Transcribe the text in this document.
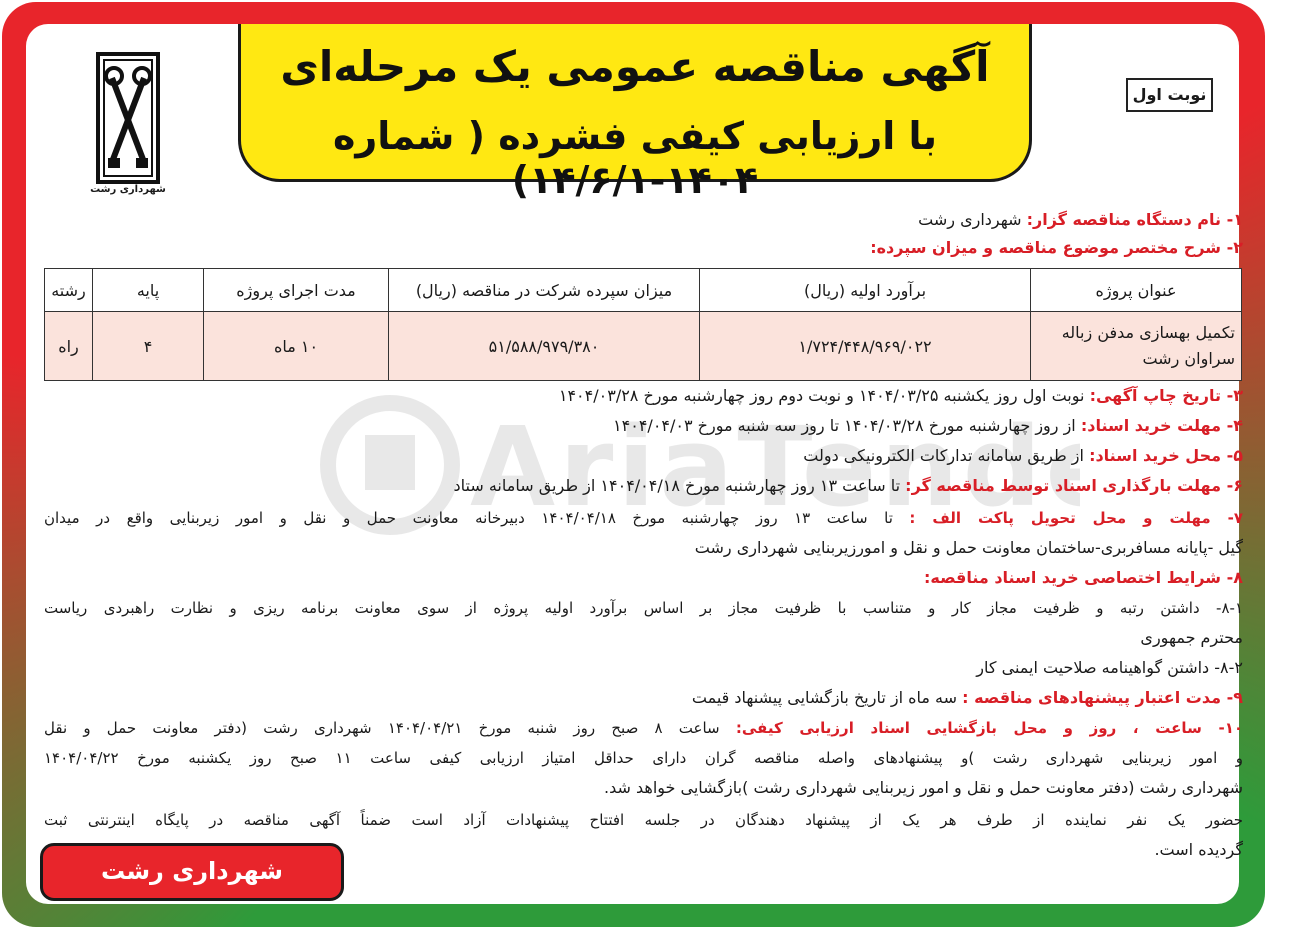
AriaTend
آگهی مناقصه عمومی یک مرحله‌ای
با ارزیابی کیفی فشرده ( شماره ۱۴۰۴-۱۴/۶/۱)
شهرداری رشت
نوبت اول
۱- نام دستگاه مناقصه گزار: شهرداری رشت
۲- شرح مختصر موضوع مناقصه و میزان سپرده:
عنوان پروژه	برآورد اولیه (ریال)	میزان سپرده شرکت در مناقصه (ریال)	مدت اجرای پروژه	پایه	رشته

تکمیل بهسازی مدفن زباله
سراوان رشت	۱/۷۲۴/۴۴۸/۹۶۹/۰۲۲	۵۱/۵۸۸/۹۷۹/۳۸۰	۱۰ ماه	۴	راه
۳- تاریخ چاپ آگهی: نوبت اول روز یکشنبه ۱۴۰۴/۰۳/۲۵ و نوبت دوم روز چهارشنبه مورخ ۱۴۰۴/۰۳/۲۸
۴- مهلت خرید اسناد: از روز چهارشنبه مورخ ۱۴۰۴/۰۳/۲۸ تا روز سه شنبه مورخ ۱۴۰۴/۰۴/۰۳
۵- محل خرید اسناد: از طریق سامانه تدارکات الکترونیکی دولت
۶- مهلت بارگذاری اسناد توسط مناقصه گر: تا ساعت ۱۳ روز چهارشنبه مورخ ۱۴۰۴/۰۴/۱۸ از طریق سامانه ستاد
۷- مهلت و محل تحویل پاکت الف : تا ساعت ۱۳ روز چهارشنبه مورخ ۱۴۰۴/۰۴/۱۸ دبیرخانه معاونت حمل و نقل و امور زیربنایی واقع در میدان
گیل -پایانه مسافربری-ساختمان معاونت حمل و نقل و امورزیربنایی شهرداری رشت
۸- شرایط اختصاصی خرید اسناد مناقصه:
۸-۱- داشتن رتبه و ظرفیت مجاز کار و متناسب با ظرفیت مجاز بر اساس برآورد اولیه پروژه از سوی معاونت برنامه ریزی و نظارت راهبردی ریاست
محترم جمهوری
۸-۲- داشتن گواهینامه صلاحیت ایمنی کار
۹- مدت اعتبار پیشنهادهای مناقصه : سه ماه از تاریخ بازگشایی پیشنهاد قیمت
۱۰- ساعت ، روز و محل بازگشایی اسناد ارزیابی کیفی: ساعت ۸ صبح روز شنبه مورخ ۱۴۰۴/۰۴/۲۱ شهرداری رشت (دفتر معاونت حمل و نقل
و امور زیربنایی شهرداری رشت )و پیشنهادهای واصله مناقصه گران دارای حداقل امتیاز ارزیابی کیفی ساعت ۱۱ صبح روز یکشنبه مورخ ۱۴۰۴/۰۴/۲۲
شهرداری رشت (دفتر معاونت حمل و نقل و امور زیربنایی شهرداری رشت )بازگشایی خواهد شد.
حضور یک نفر نماینده از طرف هر یک از پیشنهاد دهندگان در جلسه افتتاح پیشنهادات آزاد است ضمناً آگهی مناقصه در پایگاه اینترنتی ثبت
گردیده است.
شهرداری رشت
